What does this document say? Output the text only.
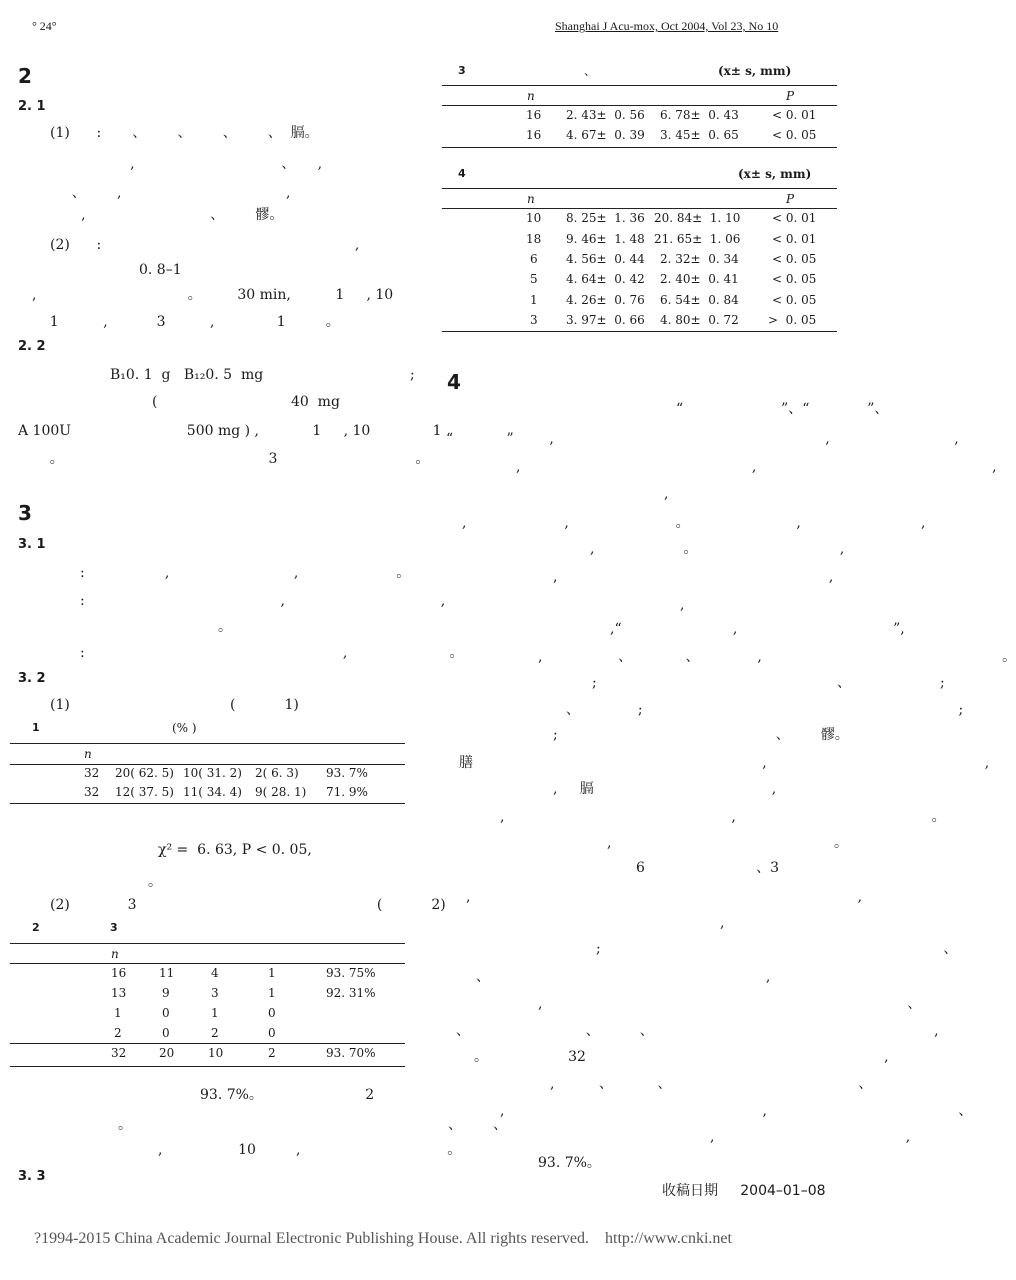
° 24°	Shanghai J Acu-mox, Oct 2004, Vol 23, No 10
2
2. 1
(1)      :       、       、       、       、  膈。
,                                 、     ,
、       ,                                     ,
,                            、       髎。
(2)      :                                                         ,
0. 8–1
,                                  。        30 min,          1     , 10
1          ,           3          ,              1         。
2. 2
B₁0. 1  g   B₁₂0. 5  mg                                 ;
(                              40  mg
A 100U                          500 mg ) ,            1     , 10              1
。                                              3                               。
3
3. 1
:                  ,                            ,                      。
:                                            ,                                   ,
。
:                                                          ,                       。
3. 2
(1)                                    (           1)
1	(% )
n
32 20( 62. 5) 10( 31. 2) 2( 6. 3) 93. 7%
32 12( 37. 5) 11( 34. 4) 9( 28. 1) 71. 9%
χ² =  6. 63, P < 0. 05,
。
(2)             3                                                      (           2)
2	3
n
16	11	4	1	93. 75%
13	9	3	1	92. 31%
1	0	1	0
2	0	2	0
32	20	10	2	93. 70%
93. 7%。                       2
。                                                                       、       、
,                 10         ,                                 。
3. 3
3	、	(x± s, mm)
n	P
16 2. 43±  0. 56 6. 78±  0. 43	< 0. 01
16 4. 67±  0. 39 3. 45±  0. 65	< 0. 05
4	(x± s, mm)
n	P
10 8. 25±  1. 36 20. 84±  1. 10	< 0. 01
18 9. 46±  1. 48 21. 65±  1. 06	< 0. 01
6 4. 56±  0. 44 2. 32±  0. 34	< 0. 05
5 4. 64±  0. 42 2. 40±  0. 41	< 0. 05
1 4. 26±  0. 76 6. 54±  0. 84	< 0. 05
3 3. 97±  0. 66 4. 80±  0. 72 >  0. 05
4
“                      ”、“             ”、
“            ”        ,                                                             ,                            ,
,                                                    ,                                                     ,
,
,                      ,                        。                        ,                           ,
,                    。                                ,
,                                                             ,
,
,“                         ,                                   ”,
,                 、            、             ,                                                      。
;                                                      、                    ;
、             ;                                                                       ;
;                                                 、       髎。
膳                                                                 ,                                                 ,
,     膈                                        ,
,                                                   ,                                            。
,                                                  。
6                         、3
,                                                                                       ,
,
;                                                                             、
、                                                              ,
,                                                                                  、
、                          、         、                                                               ,
。                  32                                                                   ,
,          、          、                                          、
,                                                          ,                                           、
,                                           ,
93. 7%。
收稿日期     2004–01–08
?1994-2015 China Academic Journal Electronic Publishing House. All rights reserved.    http://www.cnki.net
